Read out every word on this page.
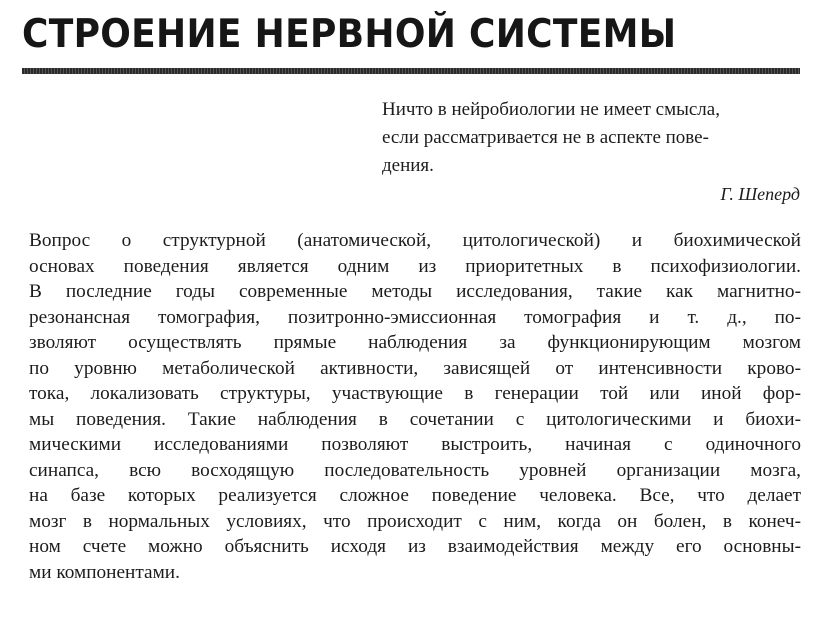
СТРОЕНИЕ НЕРВНОЙ СИСТЕМЫ
Ничто в нейробиологии не имеет смысла,
если рассматривается не в аспекте пове-
дения.
Г. Шеперд
Вопрос о структурной (анатомической, цитологической) и биохимической
основах поведения является одним из приоритетных в психофизиологии.
В последние годы современные методы исследования, такие как магнитно-
резонансная томография, позитронно-эмиссионная томография и т. д., по-
зволяют осуществлять прямые наблюдения за функционирующим мозгом
по уровню метаболической активности, зависящей от интенсивности крово-
тока, локализовать структуры, участвующие в генерации той или иной фор-
мы поведения. Такие наблюдения в сочетании с цитологическими и биохи-
мическими исследованиями позволяют выстроить, начиная с одиночного
синапса, всю восходящую последовательность уровней организации мозга,
на базе которых реализуется сложное поведение человека. Все, что делает
мозг в нормальных условиях, что происходит с ним, когда он болен, в конеч-
ном счете можно объяснить исходя из взаимодействия между его основны-
ми компонентами.
